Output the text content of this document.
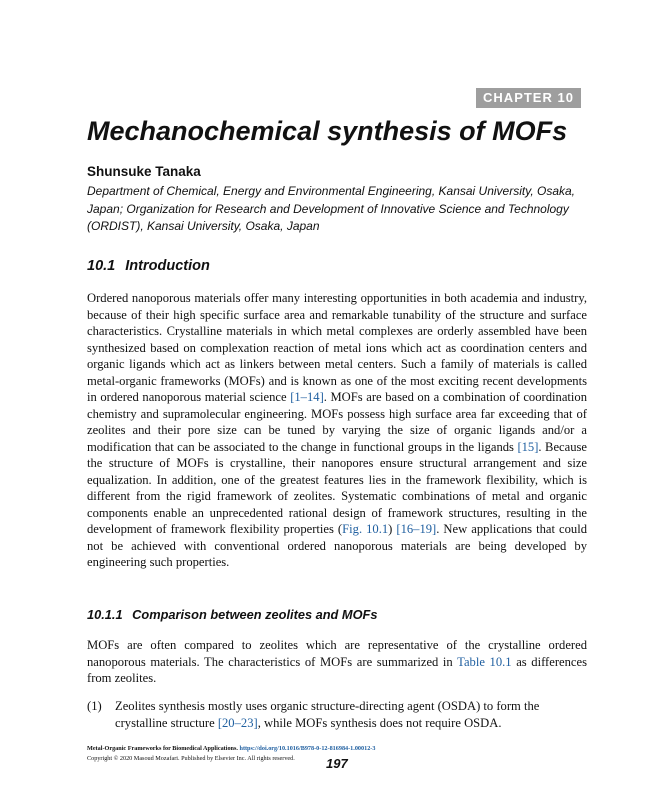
CHAPTER 10
Mechanochemical synthesis of MOFs

Shunsuke Tanaka

Department of Chemical, Energy and Environmental Engineering, Kansai University, Osaka, Japan; Organization for Research and Development of Innovative Science and Technology (ORDIST), Kansai University, Osaka, Japan

10.1 Introduction

Ordered nanoporous materials offer many interesting opportunities in both academia and industry, because of their high specific surface area and remarkable tunability of the structure and surface characteristics. Crystalline materials in which metal complexes are orderly assembled have been synthesized based on complexation reaction of metal ions which act as coordination centers and organic ligands which act as linkers between metal centers. Such a family of materials is called metal-organic frameworks (MOFs) and is known as one of the most exciting recent developments in ordered nanoporous material science [1–14]. MOFs are based on a combination of coordination chemistry and supramolecular engineering. MOFs possess high surface area far exceeding that of zeolites and their pore size can be tuned by varying the size of organic ligands and/or a modification that can be associated to the change in functional groups in the ligands [15]. Because the structure of MOFs is crystalline, their nanopores ensure structural arrangement and size equalization. In addition, one of the greatest features lies in the framework flexibility, which is different from the rigid framework of zeolites. Systematic combinations of metal and organic components enable an unprecedented rational design of framework structures, resulting in the development of framework flexibility properties (Fig. 10.1) [16–19]. New applications that could not be achieved with conventional ordered nanoporous materials are being developed by engineering such properties.

10.1.1 Comparison between zeolites and MOFs

MOFs are often compared to zeolites which are representative of the crystalline ordered nanoporous materials. The characteristics of MOFs are summarized in Table 10.1 as differences from zeolites.

(1) Zeolites synthesis mostly uses organic structure-directing agent (OSDA) to form the crystalline structure [20–23], while MOFs synthesis does not require OSDA.

Metal-Organic Frameworks for Biomedical Applications. https://doi.org/10.1016/B978-0-12-816984-1.00012-3

Copyright © 2020 Masoud Mozafari. Published by Elsevier Inc. All rights reserved. 197
